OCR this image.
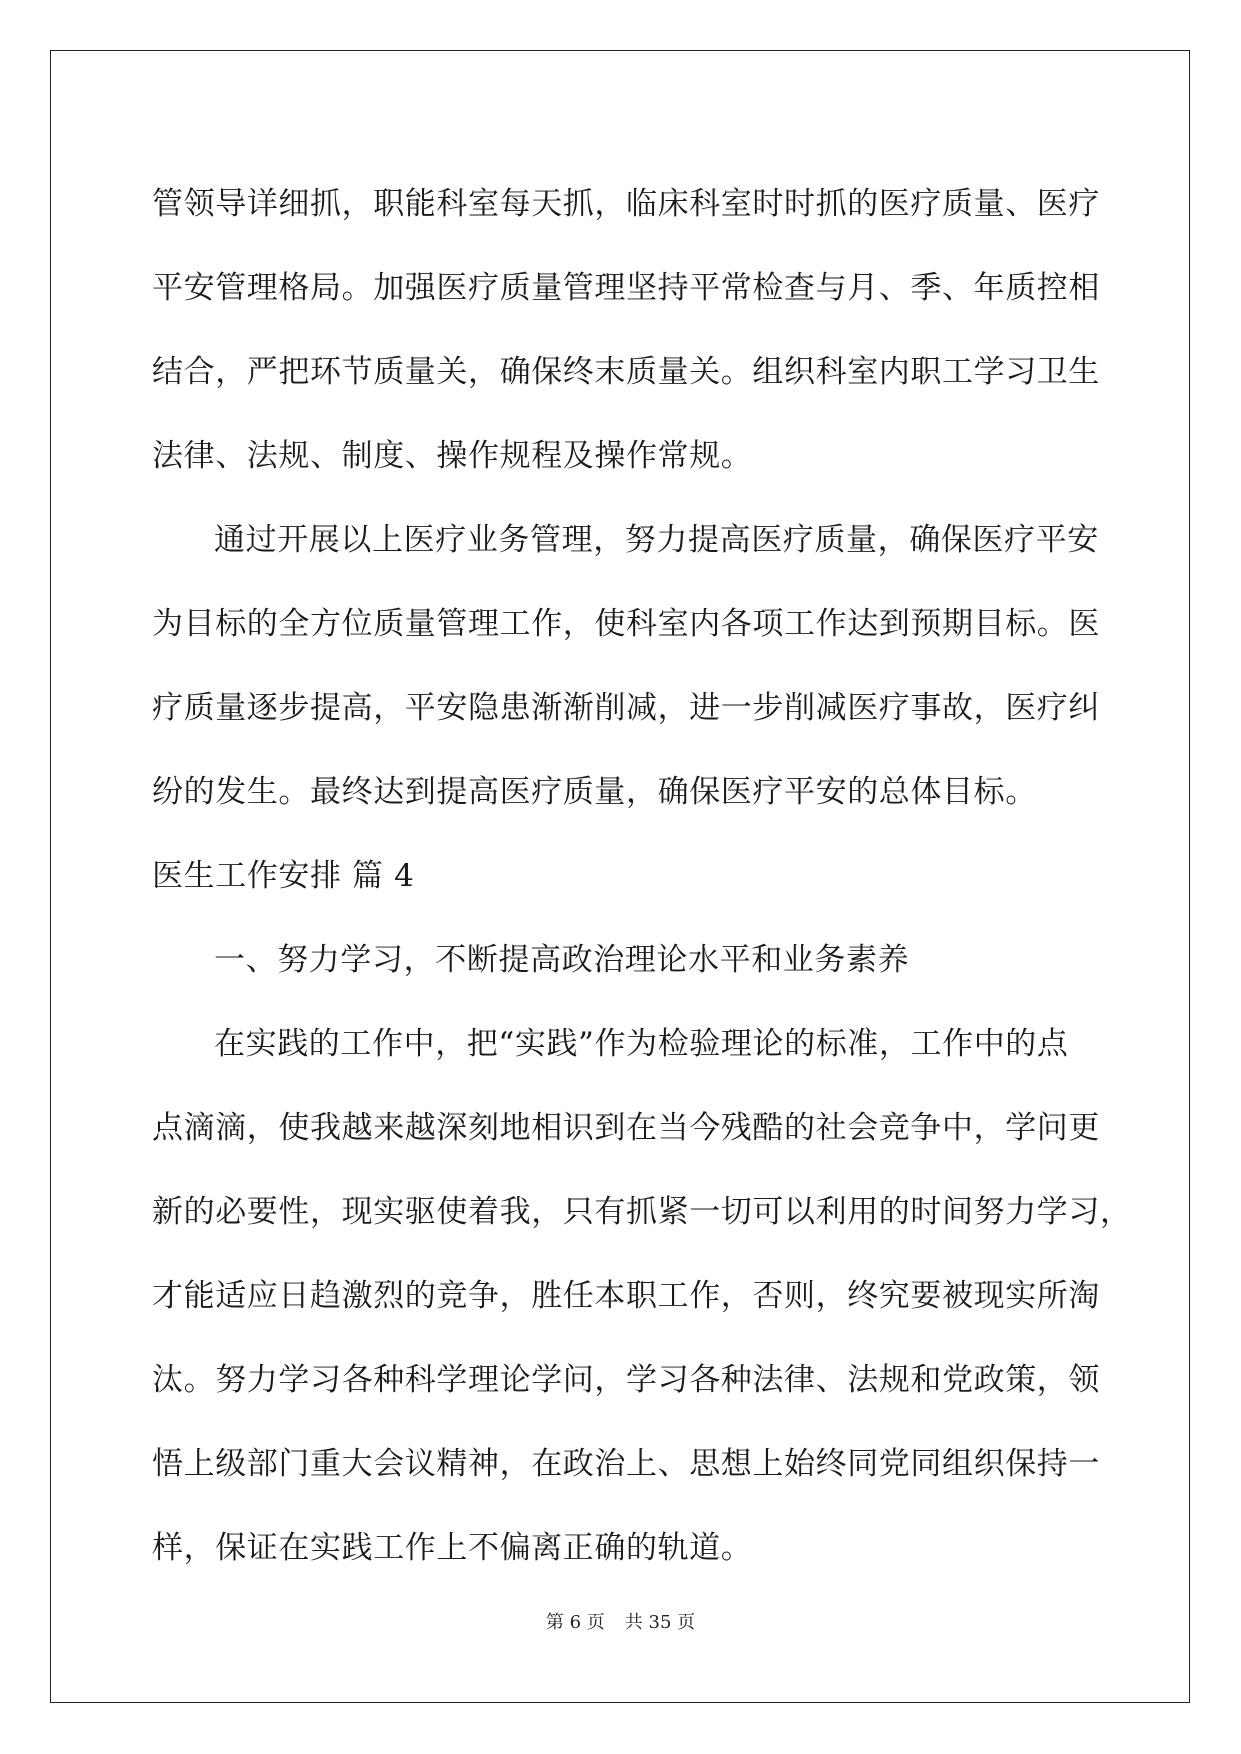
管领导详细抓，职能科室每天抓，临床科室时时抓的医疗质量、医疗
平安管理格局。加强医疗质量管理坚持平常检查与月、季、年质控相
结合，严把环节质量关，确保终末质量关。组织科室内职工学习卫生
法律、法规、制度、操作规程及操作常规。
通过开展以上医疗业务管理，努力提高医疗质量，确保医疗平安
为目标的全方位质量管理工作，使科室内各项工作达到预期目标。医
疗质量逐步提高，平安隐患渐渐削减，进一步削减医疗事故，医疗纠
纷的发生。最终达到提高医疗质量，确保医疗平安的总体目标。
医生工作安排 篇 4
一、努力学习，不断提高政治理论水平和业务素养
在实践的工作中，把“实践”作为检验理论的标准，工作中的点
点滴滴，使我越来越深刻地相识到在当今残酷的社会竞争中，学问更
新的必要性，现实驱使着我，只有抓紧一切可以利用的时间努力学习，
才能适应日趋激烈的竞争，胜任本职工作，否则，终究要被现实所淘
汰。努力学习各种科学理论学问，学习各种法律、法规和党政策，领
悟上级部门重大会议精神，在政治上、思想上始终同党同组织保持一
样，保证在实践工作上不偏离正确的轨道。
第 6 页 共 35 页
